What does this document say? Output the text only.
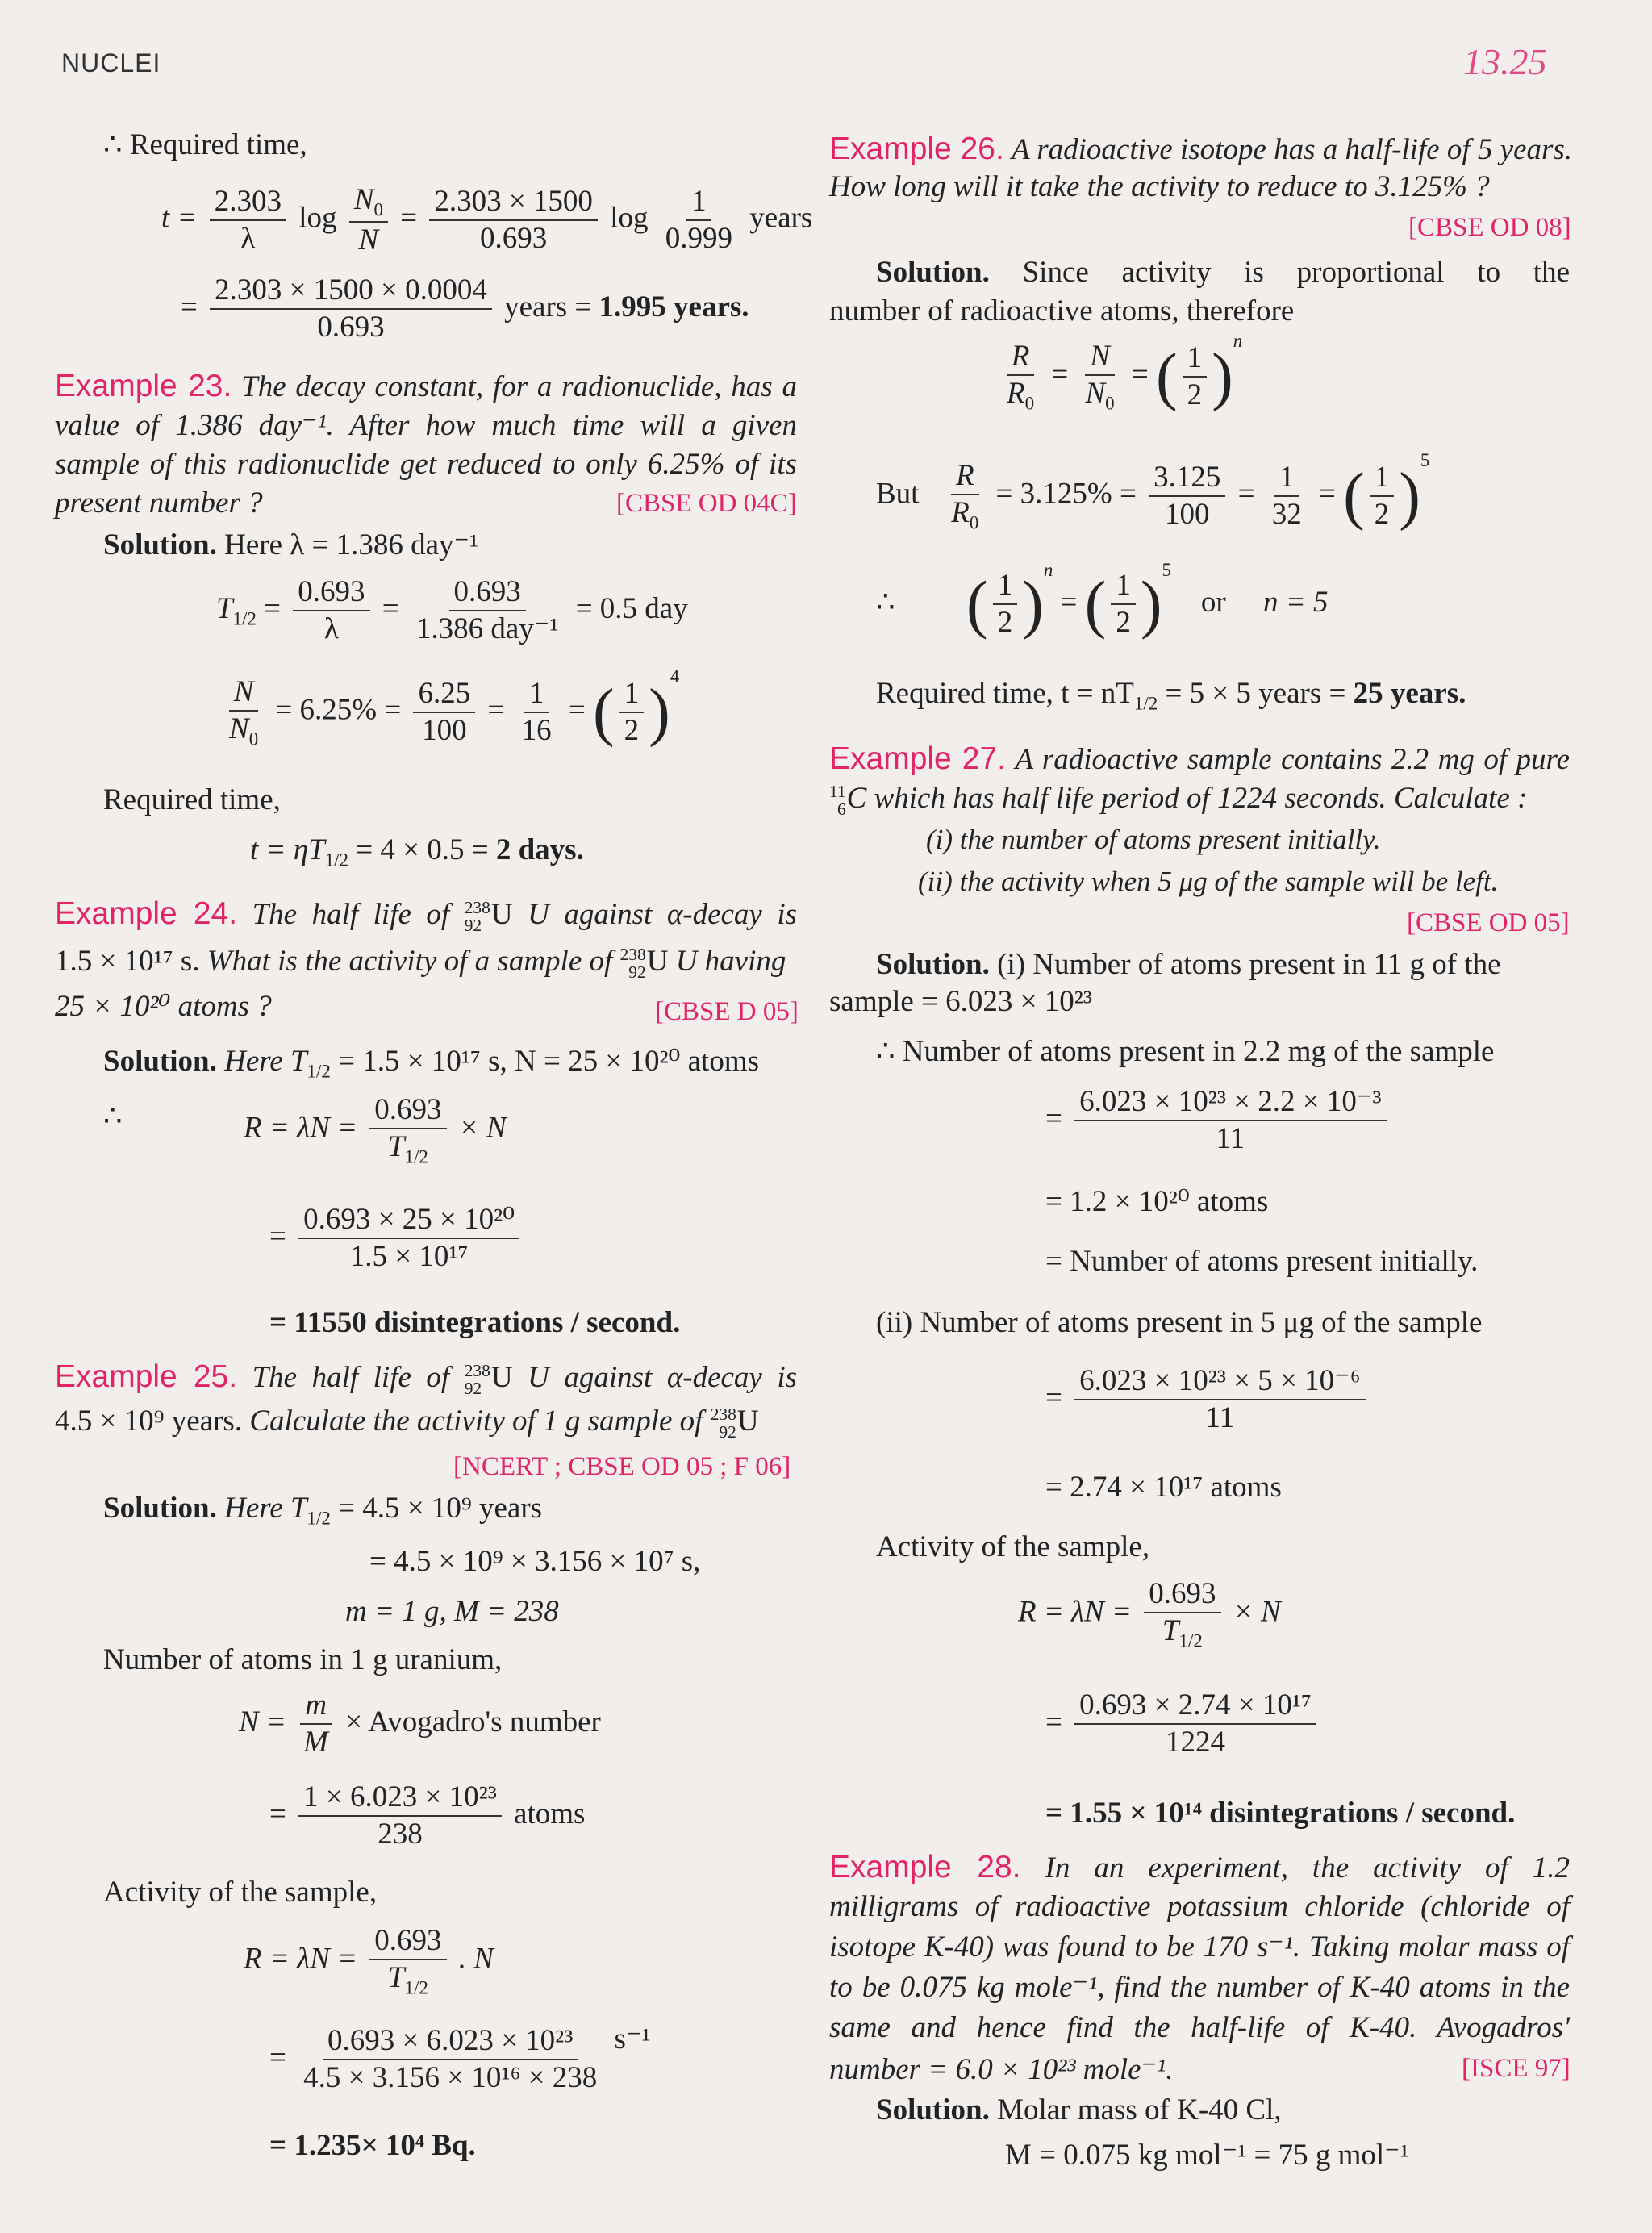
NUCLEI	13.25
∴ Required time,
$t = \frac{2.303}{\lambda}$ $\log \frac{N_0}{N} = \frac{2.303 \times 1500}{0.693}$ $\log \frac{1}{0.999}$ years
= $\frac{2.303 \times 1500 \times 0.0004}{0.693}$ years = 1.995 years.
Example 23. The decay constant, for a radionuclide, has a
value of 1.386 day⁻¹. After how much time will a given
sample of this radionuclide get reduced to only 6.25% of its
present number ?	[CBSE OD 04C]
Solution. Here λ = 1.386 day⁻¹
$T_{1/2} = \frac{0.693}{\lambda} = \frac{0.693}{\text{1.386 day⁻¹}} = 0.5$ day
$\frac{N}{N_0} = 6.25\% = \frac{6.25}{100} = \frac{1}{16}$ = ( $\frac{1}{2} )^4$
Required time,
$t = \eta T_{1/2} = 4 \times 0.5 = 2$ days.
Example 24. The half life of 238
92 U U against α-decay is
1.5 × 10¹⁷ s. What is the activity of a sample of 238
92 U U having
25 × 10²⁰ atoms ?	[CBSE D 05]
Solution. Here $T_{1/2} = 1.5 \times 10^{17}$ s, N = 25 × 10²⁰ atoms
∴	$R = \lambda N = \frac{0.693}{T_{1/2}} \times N$
= $\frac{\text{0.693 × 25 × 10²⁰}}{\text{1.5 × 10¹⁷}}$
= 11550 disintegrations / second.
Example 25. The half life of 238
92 U U against α-decay is
4.5 × 10⁹ years. Calculate the activity of 1 g sample of 238
92 U
[NCERT ; CBSE OD 05 ; F 06]
Solution. Here $T_{1/2} = 4.5 \times 10^9$ years
= 4.5 × 10⁹ × 3.156 × 10⁷ s,
m = 1 g, M = 238
Number of atoms in 1 g uranium,
$N = \frac{m}{M}$ × Avogadro's number
= $\frac{\text{1 × 6.023 × 10²³}}{238}$ atoms
Activity of the sample,
$R = \lambda N = \frac{0.693}{T_{1/2}}$ . N
= $\frac{\text{0.693 × 6.023 × 10²³}}{\text{4.5 × 3.156 × 10¹⁶ × 238}} s^{-1}$
= 1.235× 10⁴ Bq.
Example 26. A radioactive isotope has a half-life of 5 years.
How long will it take the activity to reduce to 3.125% ?
[CBSE OD 08]
Solution. Since activity is proportional to the
number of radioactive atoms, therefore
$\frac{R}{R_0} = \frac{N}{N_0}$ = ( $\frac{1}{2} )^n$
But $\frac{R}{R_0} = 3.125\% = \frac{3.125}{100} = \frac{1}{32}$ = ( $\frac{1}{2} )^5$
∴ ( $\frac{1}{2} )^n$ = ( $\frac{1}{2} )^5$    or n = 5
Required time, $t = nT_{1/2} = 5 \times 5$ years = 25 years.
Example 27. A radioactive sample contains 2.2 mg of pure
11
6 C which has half life period of 1224 seconds. Calculate :
(i) the number of atoms present initially.
(ii) the activity when 5 μg of the sample will be left.
[CBSE OD 05]
Solution. (i) Number of atoms present in 11 g of the
sample = 6.023 × 10²³
∴ Number of atoms present in 2.2 mg of the sample
= $\frac{\text{6.023 × 10²³ × 2.2 × 10⁻³}}{11}$
= 1.2 × 10²⁰ atoms
= Number of atoms present initially.
(ii) Number of atoms present in 5 μg of the sample
= $\frac{\text{6.023 × 10²³ × 5 × 10⁻⁶}}{11}$
= 2.74 × 10¹⁷ atoms
Activity of the sample,
$R = \lambda N = \frac{0.693}{T_{1/2}} \times N$
= $\frac{\text{0.693 × 2.74 × 10¹⁷}}{1224}$
= 1.55 × 10¹⁴ disintegrations / second.
Example 28. In an experiment, the activity of 1.2
milligrams of radioactive potassium chloride (chloride of
isotope K-40) was found to be 170 s⁻¹. Taking molar mass of
to be 0.075 kg mole⁻¹, find the number of K-40 atoms in the
same and hence find the half-life of K-40. Avogadros'
number = 6.0 × 10²³ mole⁻¹.	[ISCE 97]
Solution. Molar mass of K-40 Cl,
M = 0.075 kg mol⁻¹ = 75 g mol⁻¹
